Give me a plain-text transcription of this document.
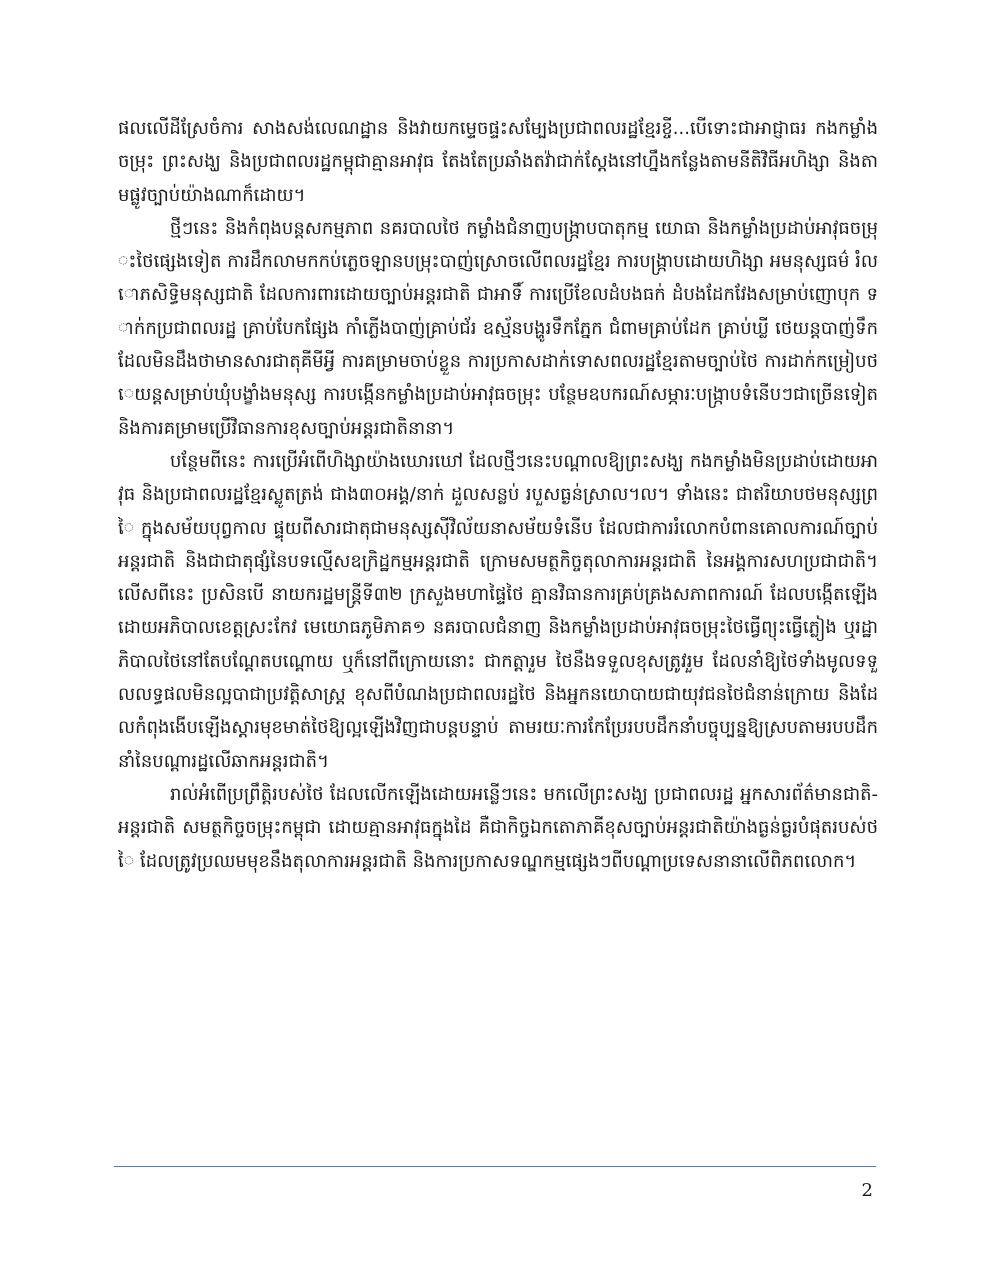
ផលលើដីស្រែចំការ សាងសង់លេណដ្ឋាន និងវាយកម្ទេចផ្ទះសម្បែងប្រជាពលរដ្ឋខ្មែរខ្ចី...បើទោះជាអាជ្ញាធរ កងកម្លាំងចម្រុះ ព្រះសង្ឃ និងប្រជាពលរដ្ឋកម្ពុជាគ្មានអាវុធ តែងតែប្រឆាំងតវ៉ាជាក់ស្តែងនៅហ្នឹងកន្លែងតាមនីតិវិធីអហិង្សា និងតាមផ្លូវច្បាប់យ៉ាងណាក៏ដោយ។

ថ្មីៗនេះ និងកំពុងបន្តសកម្មភាព នគរបាលថៃ កម្លាំងជំនាញបង្ក្រាបបាតុកម្ម យោធា និងកម្លាំងប្រដាប់អាវុធចម្រុះថៃផ្សេងទៀត ការដឹកលាមកកប់ភ្លេចឡានបម្រុះបាញ់ស្រោចលើពលរដ្ឋខ្មែរ ការបង្ក្រាបដោយហិង្សា អមនុស្សធម៌ រំលោភសិទ្ធិមនុស្សជាតិ ដែលការពារដោយច្បាប់អន្តរជាតិ ជាអាទិ៍ ការប្រើខែលដំបងធក់ ដំបងដែកវែងសម្រាប់ញោបុក ទាក់កប្រជាពលរដ្ឋ គ្រាប់បែកផ្សែង កាំភ្លើងបាញ់គ្រាប់ជ័រ ឧស្ម័នបង្ហូរទឹកភ្នែក ជំពាមគ្រាប់ដែក គ្រាប់ឃ្លី ថេយន្តបាញ់ទឹក ដែលមិនដឹងថាមានសារជាតុគីមីអ្វី ការគម្រាមចាប់ខ្លួន ការប្រកាសដាក់ទោសពលរដ្ឋខ្មែរតាមច្បាប់ថៃ ការដាក់កម្រៀបថេយន្តសម្រាប់ឃុំបង្ខាំងមនុស្ស ការបង្កើនកម្លាំងប្រដាប់អាវុធចម្រុះ បន្ថែមឧបករណ៍សម្ភារៈបង្ក្រាបទំនើបៗជាច្រើនទៀត និងការគម្រាមប្រើវិធានការខុសច្បាប់អន្តរជាតិនានា។

បន្ថែមពីនេះ ការប្រើអំពើហិង្សាយ៉ាងឃោរឃៅ ដែលថ្មីៗនេះបណ្តាលឱ្យព្រះសង្ឃ កងកម្លាំងមិនប្រដាប់ដោយអាវុធ និងប្រជាពលរដ្ឋខ្មែរស្លូតត្រង់ ជាង៣០អង្គ/នាក់ ដួលសន្លប់ របួសធ្ងន់ស្រាល។ល។ ទាំងនេះ ជាឥរិយាបថមនុស្សព្រៃ ក្នុងសម័យបុព្វកាល ផ្ទុយពីសារជាតុជាមនុស្សស៊ីវិល័យនាសម័យទំនើប ដែលជាការរំលោកបំពានគោលការណ៍ច្បាប់អន្តរជាតិ និងជាជាតុផ្សំនៃបទល្មើសឧក្រិដ្ឋកម្មអន្តរជាតិ ក្រោមសមត្ថកិច្ចតុលាការអន្តរជាតិ នៃអង្គការសហប្រជាជាតិ។ លើសពីនេះ ប្រសិនបើ នាយករដ្ឋមន្ត្រីទី៣២ ក្រសួងមហាផ្ទៃថៃ គ្មានវិធានការគ្រប់គ្រងសភាពការណ៍ ដែលបង្កើតឡើងដោយអភិបាលខេត្តស្រះកែវ មេយោធភូមិភាគ១ នគរបាលជំនាញ និងកម្លាំងប្រដាប់អាវុធចម្រុះថៃធ្វើព្យុះធ្វើភ្លៀង ឬរដ្ឋាភិបាលថៃនៅតែបណ្តែតបណ្តោយ ឬក៏នៅពីក្រោយនោះ ជាកត្តារួម ថៃនឹងទទួលខុសត្រូវរួម ដែលនាំឱ្យថៃទាំងមូលទទួលលទ្ធផលមិនល្អបាជាប្រវត្តិសាស្ត្រ ខុសពីបំណងប្រជាពលរដ្ឋថៃ និងអ្នកនយោបាយជាយុវជនថៃជំនាន់ក្រោយ និងដែលកំពុងងើបឡើងស្តារមុខមាត់ថៃឱ្យល្អឡើងវិញជាបន្តបន្ទាប់ តាមរយៈការកែប្រែរបបដឹកនាំបច្ចុប្បន្នឱ្យស្របតាមរបបដឹកនាំនៃបណ្តារដ្ឋលើឆាកអន្តរជាតិ។

រាល់អំពើប្រព្រឹត្តិរបស់ថៃ ដែលលើកឡើងដោយអន្លើៗនេះ មកលើព្រះសង្ឃ ប្រជាពលរដ្ឋ អ្នកសារព័ត៌មានជាតិ-អន្តរជាតិ សមត្ថកិច្ចចម្រុះកម្ពុជា ដោយគ្មានអាវុធក្នុងដៃ គឺជាកិច្ចឯកតោភាគីខុសច្បាប់អន្តរជាតិយ៉ាងធ្ងន់ធ្ងរបំផុតរបស់ថៃ ដែលត្រូវប្រឈមមុខនឹងតុលាការអន្តរជាតិ និងការប្រកាសទណ្ឌកម្មផ្សេងៗពីបណ្តាប្រទេសនានាលើពិភពលោក។

2
